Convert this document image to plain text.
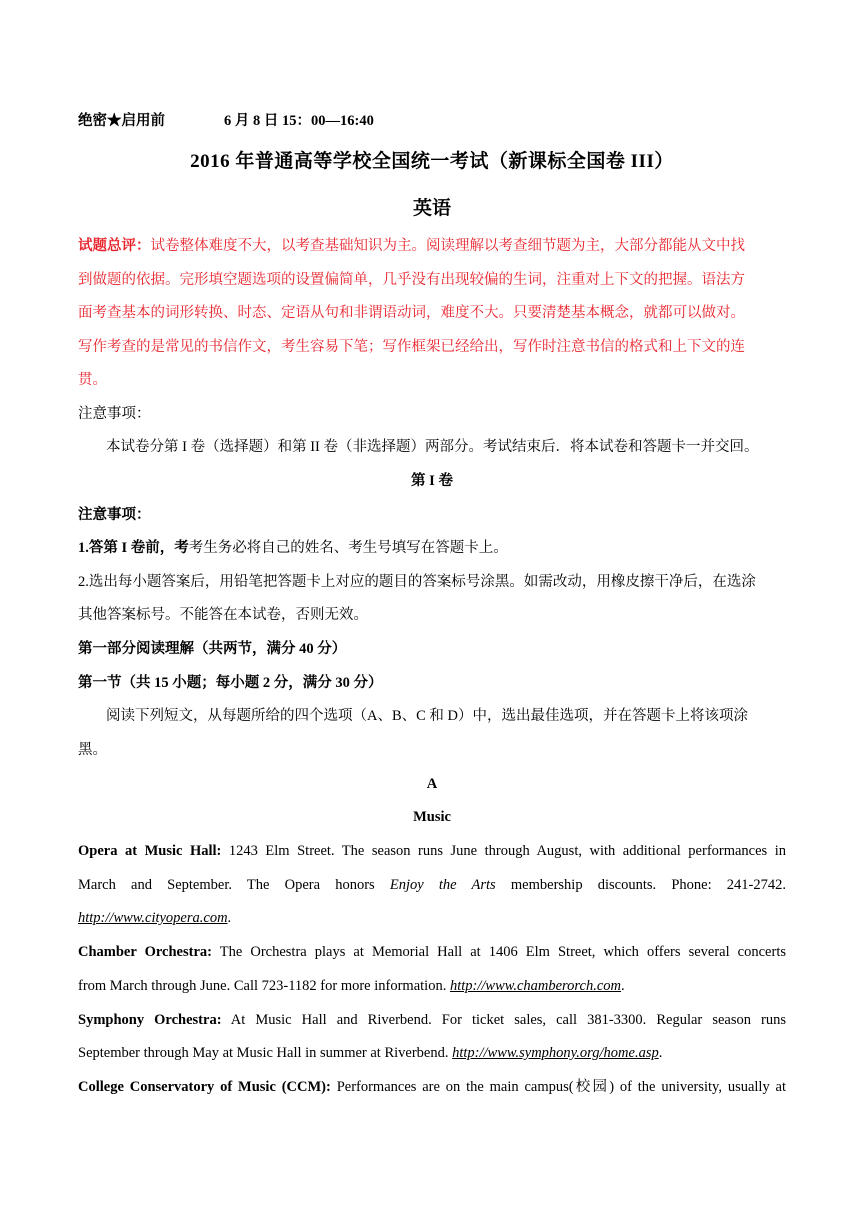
绝密★启用前	6 月 8 日 15：00—16:40
2016 年普通高等学校全国统一考试（新课标全国卷 III）
英语
试题总评：试卷整体难度不大，以考查基础知识为主。阅读理解以考查细节题为主，大部分都能从文中找
到做题的依据。完形填空题选项的设置偏简单，几乎没有出现较偏的生词，注重对上下文的把握。语法方
面考查基本的词形转换、时态、定语从句和非谓语动词，难度不大。只要清楚基本概念，就都可以做对。
写作考查的是常见的书信作文，考生容易下笔；写作框架已经给出，写作时注意书信的格式和上下文的连
贯。
注意事项：
本试卷分第 I 卷（选择题）和第 II 卷（非选择题）两部分。考试结束后．将本试卷和答题卡一并交回。
第 I 卷
注意事项：
1.答第 I 卷前，考考生务必将自己的姓名、考生号填写在答题卡上。
2.选出每小题答案后，用铅笔把答题卡上对应的题目的答案标号涂黑。如需改动，用橡皮擦干净后，在选涂
其他答案标号。不能答在本试卷，否则无效。
第一部分阅读理解（共两节，满分 40 分）
第一节（共 15 小题；每小题 2 分，满分 30 分）
阅读下列短文，从每题所给的四个选项（A、B、C 和 D）中，选出最佳选项，并在答题卡上将该项涂
黑。
A
Music
Opera at Music Hall: 1243 Elm Street. The season runs June through August, with additional performances in
March and September. The Opera honors Enjoy the Arts membership discounts. Phone: 241-2742.
http://www.cityopera.com.
Chamber Orchestra: The Orchestra plays at Memorial Hall at 1406 Elm Street, which offers several concerts
from March through June. Call 723-1182 for more information. http://www.chamberorch.com.
Symphony Orchestra: At Music Hall and Riverbend. For ticket sales, call 381-3300. Regular season runs
September through May at Music Hall in summer at Riverbend. http://www.symphony.org/home.asp.
College Conservatory of Music (CCM): Performances are on the main campus(校园) of the university, usually at
